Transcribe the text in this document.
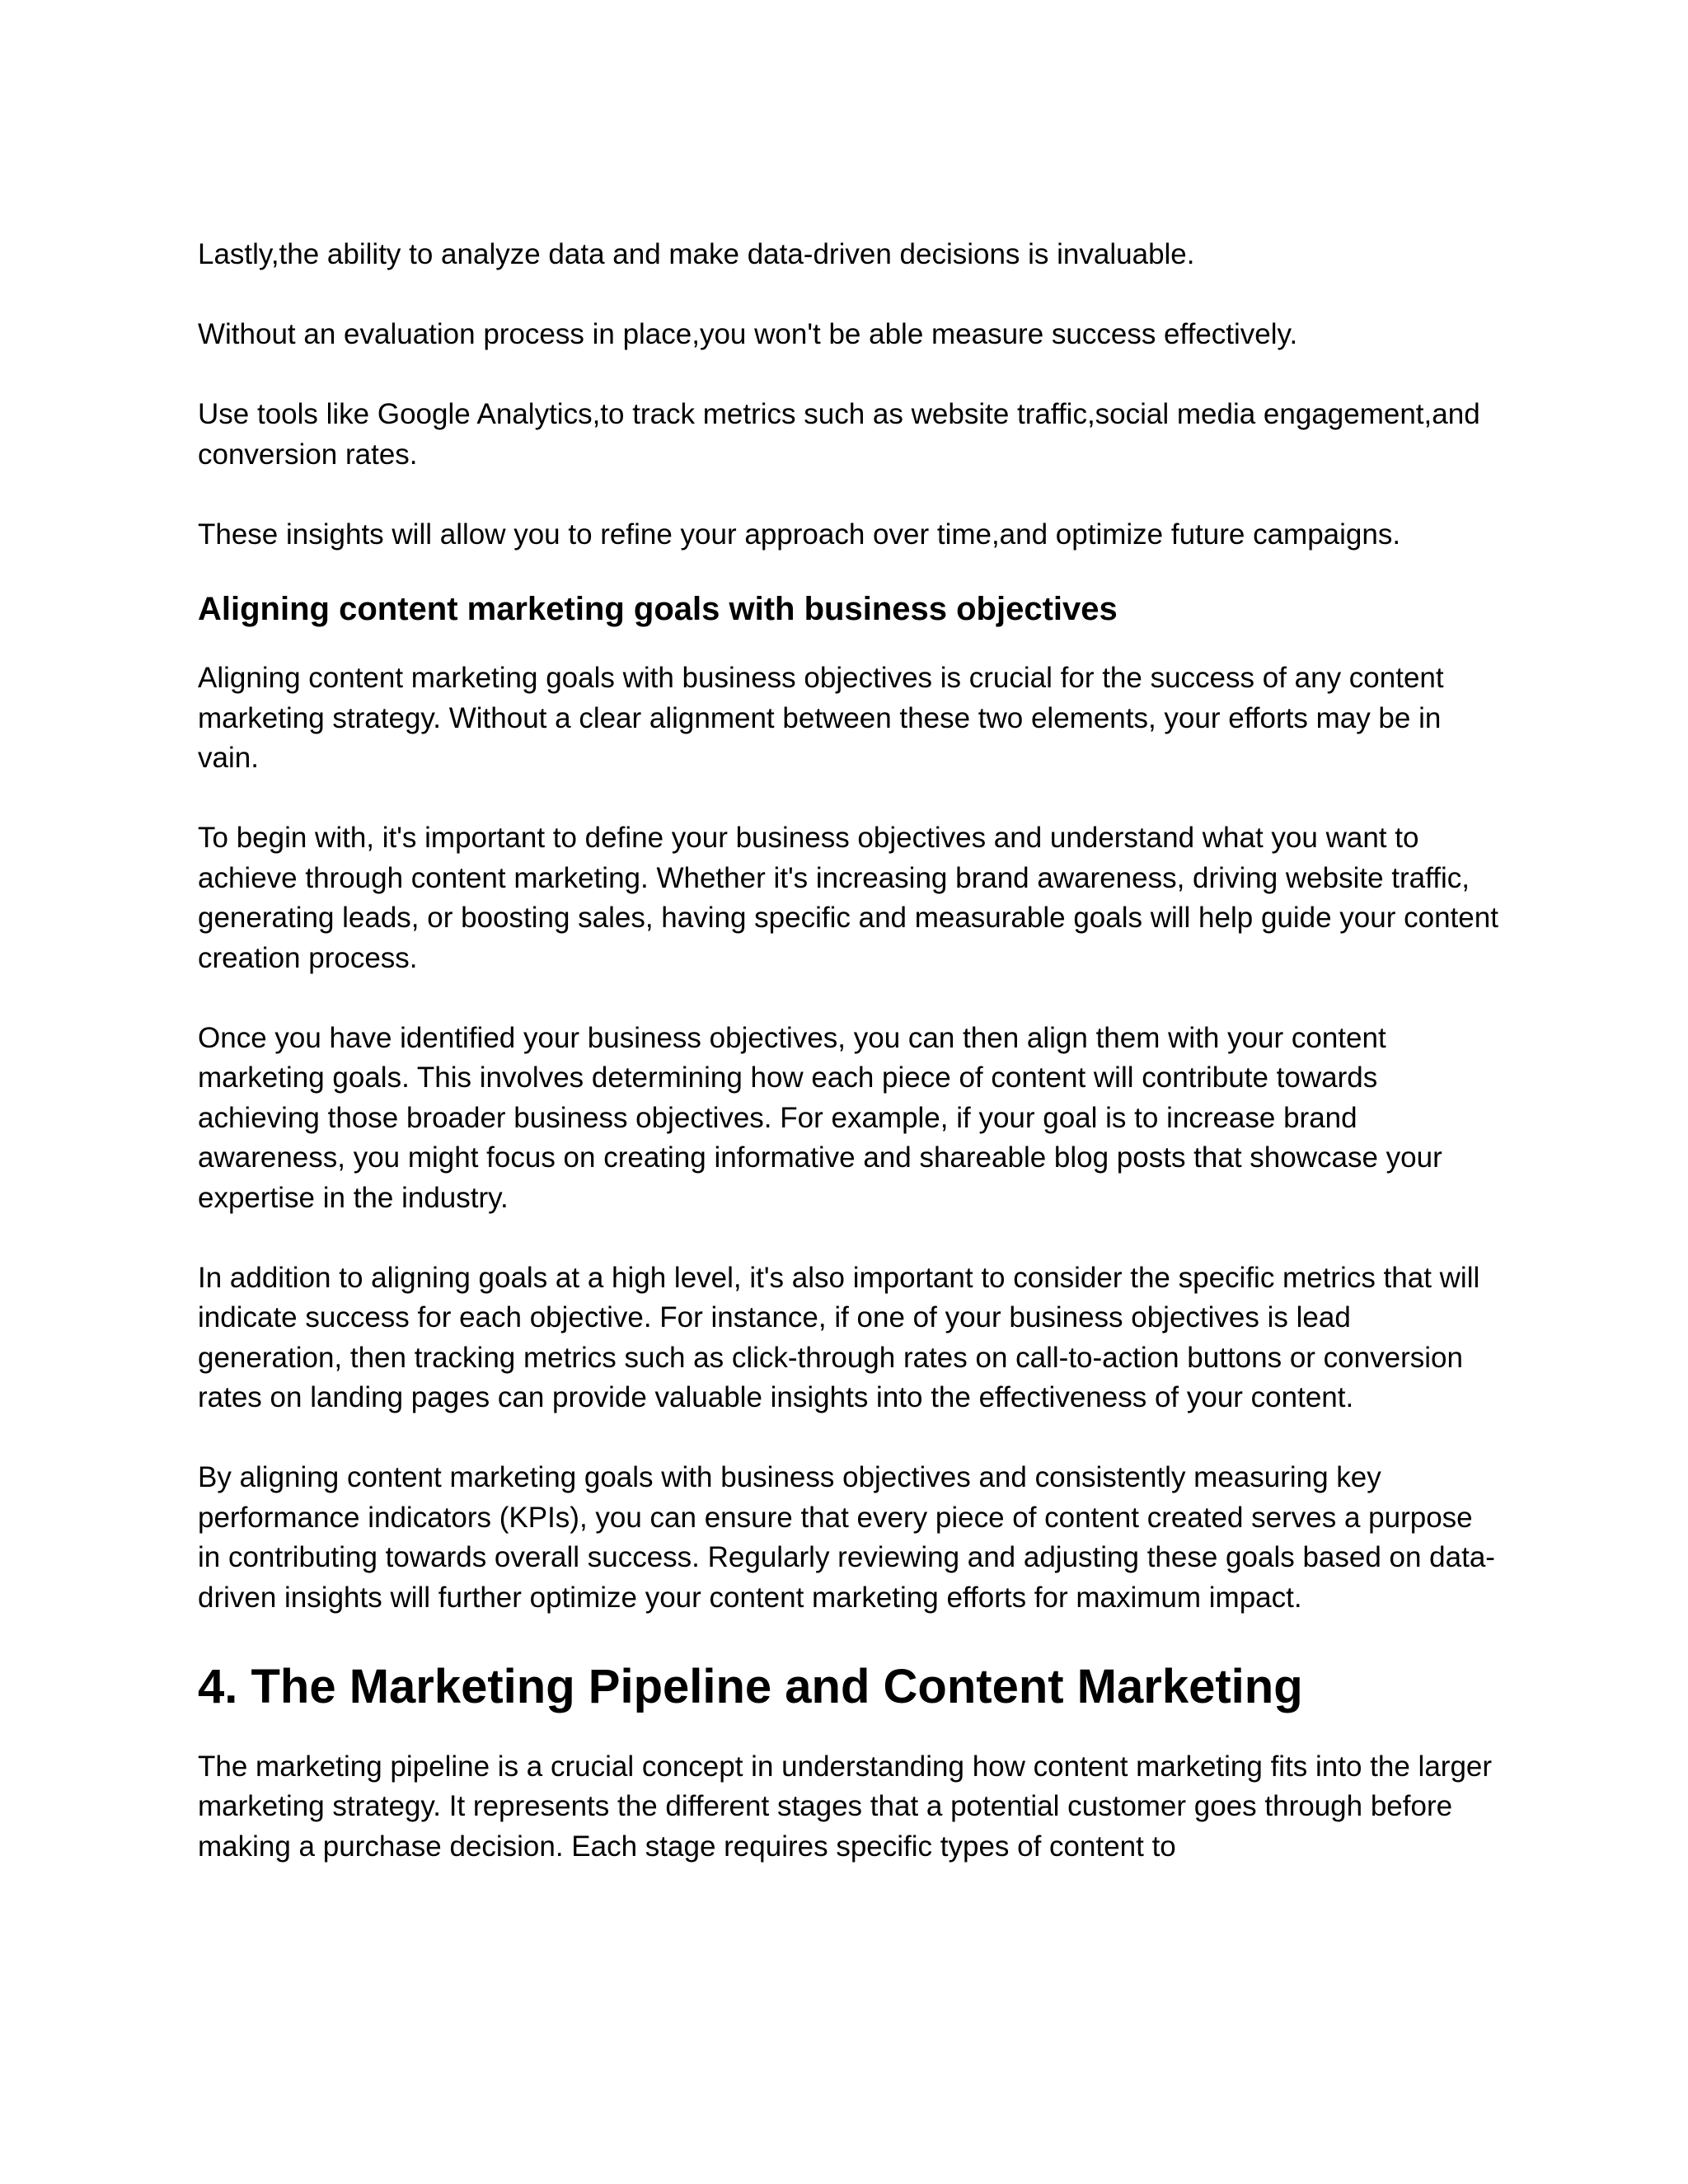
Lastly,the ability to analyze data and make data-driven decisions is invaluable.

Without an evaluation process in place,you won't be able measure success effectively.

Use tools like Google Analytics,to track metrics such as website traffic,social media engagement,and conversion rates.

These insights will allow you to refine your approach over time,and optimize future campaigns.

Aligning content marketing goals with business objectives

Aligning content marketing goals with business objectives is crucial for the success of any content marketing strategy. Without a clear alignment between these two elements, your efforts may be in vain.

To begin with, it's important to define your business objectives and understand what you want to achieve through content marketing. Whether it's increasing brand awareness, driving website traffic, generating leads, or boosting sales, having specific and measurable goals will help guide your content creation process.

Once you have identified your business objectives, you can then align them with your content marketing goals. This involves determining how each piece of content will contribute towards achieving those broader business objectives. For example, if your goal is to increase brand awareness, you might focus on creating informative and shareable blog posts that showcase your expertise in the industry.

In addition to aligning goals at a high level, it's also important to consider the specific metrics that will indicate success for each objective. For instance, if one of your business objectives is lead generation, then tracking metrics such as click-through rates on call-to-action buttons or conversion rates on landing pages can provide valuable insights into the effectiveness of your content.

By aligning content marketing goals with business objectives and consistently measuring key performance indicators (KPIs), you can ensure that every piece of content created serves a purpose in contributing towards overall success. Regularly reviewing and adjusting these goals based on data-driven insights will further optimize your content marketing efforts for maximum impact.

4. The Marketing Pipeline and Content Marketing

The marketing pipeline is a crucial concept in understanding how content marketing fits into the larger marketing strategy. It represents the different stages that a potential customer goes through before making a purchase decision. Each stage requires specific types of content to
